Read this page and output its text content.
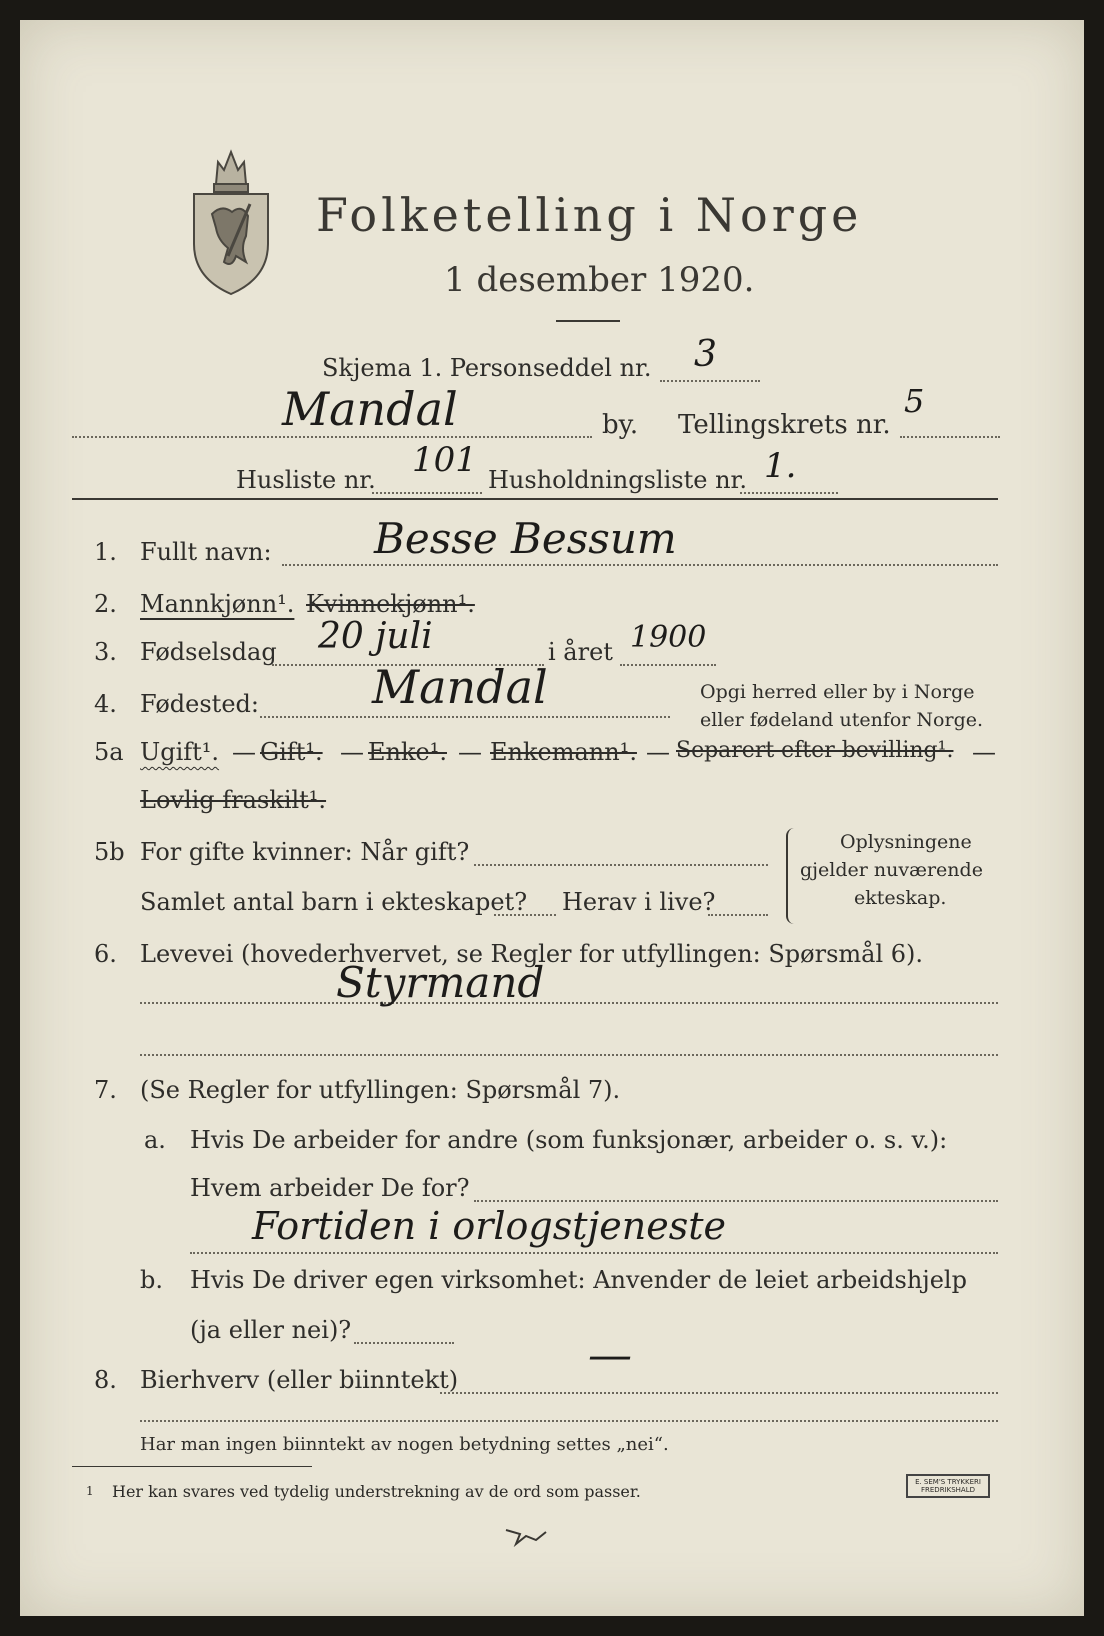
Folketelling i Norge
1 desember 1920.
Skjema 1. Personseddel nr. 3
Mandal	by. Tellingskrets nr.
5
Husliste nr. 101 Husholdningsliste nr. 1.
1. Fullt navn: Besse Bessum
2. Mannkjønn¹. Kvinnekjønn¹.
3. Fødselsdag 20 juli	i året 1900
4. Fødested: Mandal	Opgi herred eller by i Norge
eller fødeland utenfor Norge.
5a Ugift¹. — Gift¹. — Enke¹. — Enkemann¹. — Separert efter bevilling¹. —
Lovlig fraskilt¹.
5b For gifte kvinner: Når gift?
Samlet antal barn i ekteskapet? Herav i live?
Oplysningene
gjelder nuværende
ekteskap.
6. Levevei (hovederhvervet, se Regler for utfyllingen: Spørsmål 6).
Styrmand
7. (Se Regler for utfyllingen: Spørsmål 7).
a. Hvis De arbeider for andre (som funksjonær, arbeider o. s. v.):
Hvem arbeider De for?
Fortiden i orlogstjeneste
b. Hvis De driver egen virksomhet: Anvender de leiet arbeidshjelp
(ja eller nei)?
8. Bierhverv (eller biinntekt)	—
Har man ingen biinntekt av nogen betydning settes „nei“.
1 Her kan svares ved tydelig understrekning av de ord som passer.	E. SEM'S TRYKKERI
FREDRIKSHALD
